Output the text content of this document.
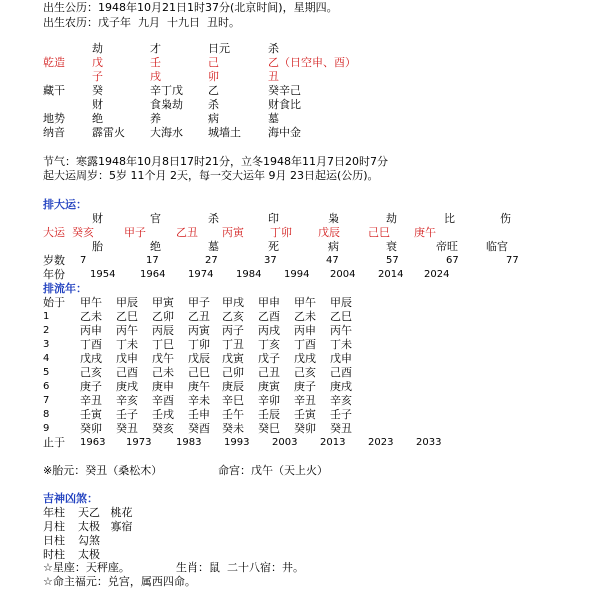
出生公历：1948年10月21日1时37分(北京时间)，星期四。
出生农历：戊子年  九月  十九日  丑时。
劫	才	日元	杀
乾造 戊	壬	己	乙（日空申、酉）
子	戌	卯	丑
藏干 癸	辛丁戊 乙	癸辛己
财	食枭劫 杀	财食比
地势 绝	养	病	墓
纳音 霹雷火 大海水 城墙土 海中金
节气：寒露1948年10月8日17时21分，立冬1948年11月7日20时7分
起大运周岁：5岁 11个月 2天，每一交大运年 9月 23日起运(公历)。
排大运：
财	官	杀	印	枭	劫	比	伤
大运 癸亥	甲子	乙丑 丙寅 丁卯 戊辰	己巳 庚午
胎	绝	墓	死	病	衰	帝旺	临官
岁数 7	17	27	37	47	57	67	77
年份	1954 1964 1974 1984 1994 2004 2014 2024
排流年：
始于 甲午 甲辰 甲寅 甲子 甲戌 甲申 甲午 甲辰
1	乙未 乙巳 乙卯 乙丑 乙亥 乙酉 乙未 乙巳
2	丙申 丙午 丙辰 丙寅 丙子 丙戌 丙申 丙午
3	丁酉 丁未 丁巳 丁卯 丁丑 丁亥 丁酉 丁未
4	戊戌 戊申 戊午 戊辰 戊寅 戊子 戊戌 戊申
5	己亥 己酉 己未 己巳 己卯 己丑 己亥 己酉
6	庚子 庚戌 庚申 庚午 庚辰 庚寅 庚子 庚戌
7	辛丑 辛亥 辛酉 辛未 辛巳 辛卯 辛丑 辛亥
8	壬寅 壬子 壬戌 壬申 壬午 壬辰 壬寅 壬子
9	癸卯 癸丑 癸亥 癸酉 癸未 癸巳 癸卯 癸丑
止于 1963 1973 1983 1993 2003 2013 2023 2033
※胎元：癸丑（桑松木）	命宫：戊午（天上火）
吉神凶煞：
年柱 天乙   桃花
月柱 太极   寡宿
日柱 勾煞
时柱 太极
☆星座：天秤座。	生肖：鼠  二十八宿：井。
☆命主福元：兑宫，属西四命。
